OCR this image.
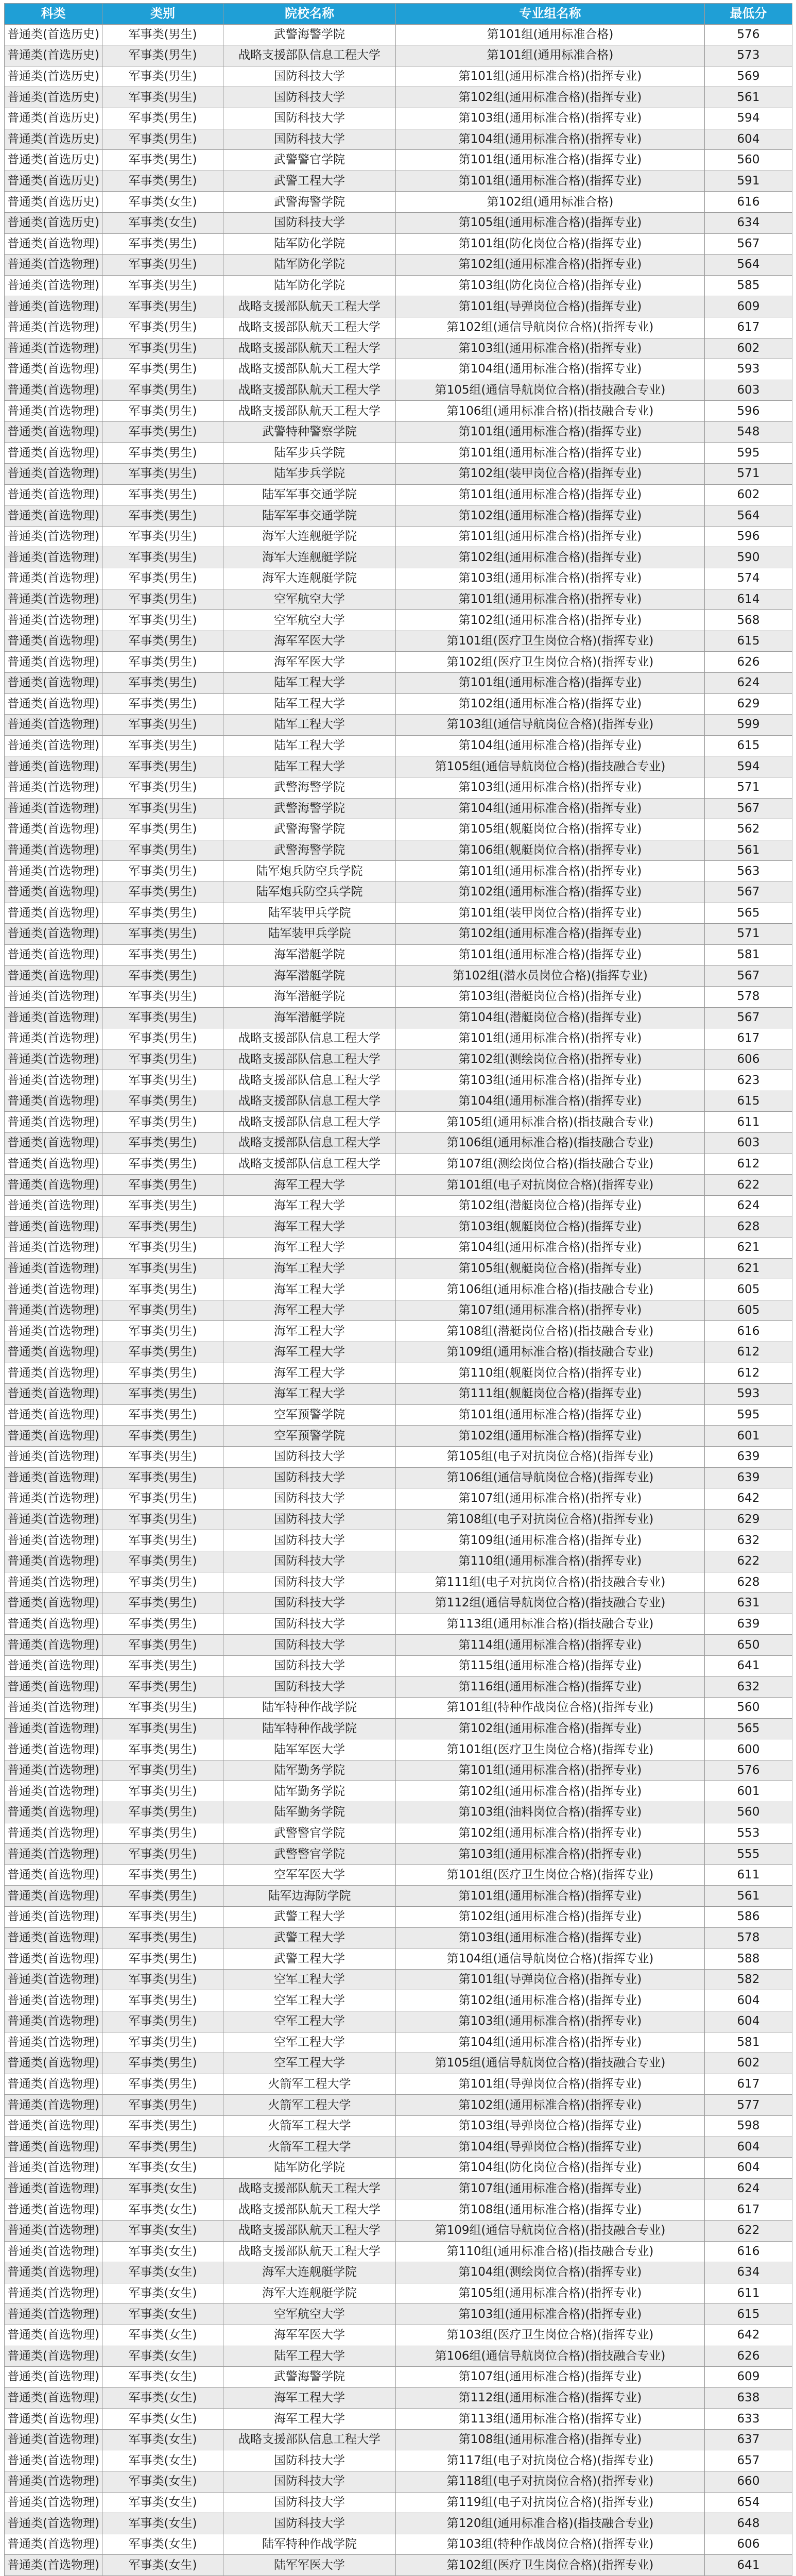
科类	类别	院校名称	专业组名称	最低分
普通类(首选历史)	军事类(男生)	武警海警学院	第101组(通用标准合格)	576
普通类(首选历史)	军事类(男生)	战略支援部队信息工程大学	第101组(通用标准合格)	573
普通类(首选历史)	军事类(男生)	国防科技大学	第101组(通用标准合格)(指挥专业)	569
普通类(首选历史)	军事类(男生)	国防科技大学	第102组(通用标准合格)(指挥专业)	561
普通类(首选历史)	军事类(男生)	国防科技大学	第103组(通用标准合格)(指挥专业)	594
普通类(首选历史)	军事类(男生)	国防科技大学	第104组(通用标准合格)(指挥专业)	604
普通类(首选历史)	军事类(男生)	武警警官学院	第101组(通用标准合格)(指挥专业)	560
普通类(首选历史)	军事类(男生)	武警工程大学	第101组(通用标准合格)(指挥专业)	591
普通类(首选历史)	军事类(女生)	武警海警学院	第102组(通用标准合格)	616
普通类(首选历史)	军事类(女生)	国防科技大学	第105组(通用标准合格)(指挥专业)	634
普通类(首选物理)	军事类(男生)	陆军防化学院	第101组(防化岗位合格)(指挥专业)	567
普通类(首选物理)	军事类(男生)	陆军防化学院	第102组(通用标准合格)(指挥专业)	564
普通类(首选物理)	军事类(男生)	陆军防化学院	第103组(防化岗位合格)(指挥专业)	585
普通类(首选物理)	军事类(男生)	战略支援部队航天工程大学	第101组(导弹岗位合格)(指挥专业)	609
普通类(首选物理)	军事类(男生)	战略支援部队航天工程大学	第102组(通信导航岗位合格)(指挥专业)	617
普通类(首选物理)	军事类(男生)	战略支援部队航天工程大学	第103组(通用标准合格)(指挥专业)	602
普通类(首选物理)	军事类(男生)	战略支援部队航天工程大学	第104组(通用标准合格)(指挥专业)	593
普通类(首选物理)	军事类(男生)	战略支援部队航天工程大学	第105组(通信导航岗位合格)(指技融合专业)	603
普通类(首选物理)	军事类(男生)	战略支援部队航天工程大学	第106组(通用标准合格)(指技融合专业)	596
普通类(首选物理)	军事类(男生)	武警特种警察学院	第101组(通用标准合格)(指挥专业)	548
普通类(首选物理)	军事类(男生)	陆军步兵学院	第101组(通用标准合格)(指挥专业)	595
普通类(首选物理)	军事类(男生)	陆军步兵学院	第102组(装甲岗位合格)(指挥专业)	571
普通类(首选物理)	军事类(男生)	陆军军事交通学院	第101组(通用标准合格)(指挥专业)	602
普通类(首选物理)	军事类(男生)	陆军军事交通学院	第102组(通用标准合格)(指挥专业)	564
普通类(首选物理)	军事类(男生)	海军大连舰艇学院	第101组(通用标准合格)(指挥专业)	596
普通类(首选物理)	军事类(男生)	海军大连舰艇学院	第102组(通用标准合格)(指挥专业)	590
普通类(首选物理)	军事类(男生)	海军大连舰艇学院	第103组(通用标准合格)(指挥专业)	574
普通类(首选物理)	军事类(男生)	空军航空大学	第101组(通用标准合格)(指挥专业)	614
普通类(首选物理)	军事类(男生)	空军航空大学	第102组(通用标准合格)(指挥专业)	568
普通类(首选物理)	军事类(男生)	海军军医大学	第101组(医疗卫生岗位合格)(指挥专业)	615
普通类(首选物理)	军事类(男生)	海军军医大学	第102组(医疗卫生岗位合格)(指挥专业)	626
普通类(首选物理)	军事类(男生)	陆军工程大学	第101组(通用标准合格)(指挥专业)	624
普通类(首选物理)	军事类(男生)	陆军工程大学	第102组(通用标准合格)(指挥专业)	629
普通类(首选物理)	军事类(男生)	陆军工程大学	第103组(通信导航岗位合格)(指挥专业)	599
普通类(首选物理)	军事类(男生)	陆军工程大学	第104组(通用标准合格)(指挥专业)	615
普通类(首选物理)	军事类(男生)	陆军工程大学	第105组(通信导航岗位合格)(指技融合专业)	594
普通类(首选物理)	军事类(男生)	武警海警学院	第103组(通用标准合格)(指挥专业)	571
普通类(首选物理)	军事类(男生)	武警海警学院	第104组(通用标准合格)(指挥专业)	567
普通类(首选物理)	军事类(男生)	武警海警学院	第105组(舰艇岗位合格)(指挥专业)	562
普通类(首选物理)	军事类(男生)	武警海警学院	第106组(舰艇岗位合格)(指挥专业)	561
普通类(首选物理)	军事类(男生)	陆军炮兵防空兵学院	第101组(通用标准合格)(指挥专业)	563
普通类(首选物理)	军事类(男生)	陆军炮兵防空兵学院	第102组(通用标准合格)(指挥专业)	567
普通类(首选物理)	军事类(男生)	陆军装甲兵学院	第101组(装甲岗位合格)(指挥专业)	565
普通类(首选物理)	军事类(男生)	陆军装甲兵学院	第102组(通用标准合格)(指挥专业)	571
普通类(首选物理)	军事类(男生)	海军潜艇学院	第101组(通用标准合格)(指挥专业)	581
普通类(首选物理)	军事类(男生)	海军潜艇学院	第102组(潜水员岗位合格)(指挥专业)	567
普通类(首选物理)	军事类(男生)	海军潜艇学院	第103组(潜艇岗位合格)(指挥专业)	578
普通类(首选物理)	军事类(男生)	海军潜艇学院	第104组(潜艇岗位合格)(指挥专业)	567
普通类(首选物理)	军事类(男生)	战略支援部队信息工程大学	第101组(通用标准合格)(指挥专业)	617
普通类(首选物理)	军事类(男生)	战略支援部队信息工程大学	第102组(测绘岗位合格)(指挥专业)	606
普通类(首选物理)	军事类(男生)	战略支援部队信息工程大学	第103组(通用标准合格)(指挥专业)	623
普通类(首选物理)	军事类(男生)	战略支援部队信息工程大学	第104组(通用标准合格)(指挥专业)	615
普通类(首选物理)	军事类(男生)	战略支援部队信息工程大学	第105组(通用标准合格)(指技融合专业)	611
普通类(首选物理)	军事类(男生)	战略支援部队信息工程大学	第106组(通用标准合格)(指技融合专业)	603
普通类(首选物理)	军事类(男生)	战略支援部队信息工程大学	第107组(测绘岗位合格)(指技融合专业)	612
普通类(首选物理)	军事类(男生)	海军工程大学	第101组(电子对抗岗位合格)(指挥专业)	622
普通类(首选物理)	军事类(男生)	海军工程大学	第102组(潜艇岗位合格)(指挥专业)	624
普通类(首选物理)	军事类(男生)	海军工程大学	第103组(舰艇岗位合格)(指挥专业)	628
普通类(首选物理)	军事类(男生)	海军工程大学	第104组(通用标准合格)(指挥专业)	621
普通类(首选物理)	军事类(男生)	海军工程大学	第105组(舰艇岗位合格)(指挥专业)	621
普通类(首选物理)	军事类(男生)	海军工程大学	第106组(通用标准合格)(指技融合专业)	605
普通类(首选物理)	军事类(男生)	海军工程大学	第107组(通用标准合格)(指挥专业)	605
普通类(首选物理)	军事类(男生)	海军工程大学	第108组(潜艇岗位合格)(指技融合专业)	616
普通类(首选物理)	军事类(男生)	海军工程大学	第109组(通用标准合格)(指技融合专业)	612
普通类(首选物理)	军事类(男生)	海军工程大学	第110组(舰艇岗位合格)(指挥专业)	612
普通类(首选物理)	军事类(男生)	海军工程大学	第111组(舰艇岗位合格)(指挥专业)	593
普通类(首选物理)	军事类(男生)	空军预警学院	第101组(通用标准合格)(指挥专业)	595
普通类(首选物理)	军事类(男生)	空军预警学院	第102组(通用标准合格)(指挥专业)	601
普通类(首选物理)	军事类(男生)	国防科技大学	第105组(电子对抗岗位合格)(指挥专业)	639
普通类(首选物理)	军事类(男生)	国防科技大学	第106组(通信导航岗位合格)(指挥专业)	639
普通类(首选物理)	军事类(男生)	国防科技大学	第107组(通用标准合格)(指挥专业)	642
普通类(首选物理)	军事类(男生)	国防科技大学	第108组(电子对抗岗位合格)(指挥专业)	629
普通类(首选物理)	军事类(男生)	国防科技大学	第109组(通用标准合格)(指挥专业)	632
普通类(首选物理)	军事类(男生)	国防科技大学	第110组(通用标准合格)(指挥专业)	622
普通类(首选物理)	军事类(男生)	国防科技大学	第111组(电子对抗岗位合格)(指技融合专业)	628
普通类(首选物理)	军事类(男生)	国防科技大学	第112组(通信导航岗位合格)(指技融合专业)	631
普通类(首选物理)	军事类(男生)	国防科技大学	第113组(通用标准合格)(指技融合专业)	639
普通类(首选物理)	军事类(男生)	国防科技大学	第114组(通用标准合格)(指挥专业)	650
普通类(首选物理)	军事类(男生)	国防科技大学	第115组(通用标准合格)(指挥专业)	641
普通类(首选物理)	军事类(男生)	国防科技大学	第116组(通用标准合格)(指挥专业)	632
普通类(首选物理)	军事类(男生)	陆军特种作战学院	第101组(特种作战岗位合格)(指挥专业)	560
普通类(首选物理)	军事类(男生)	陆军特种作战学院	第102组(通用标准合格)(指挥专业)	565
普通类(首选物理)	军事类(男生)	陆军军医大学	第101组(医疗卫生岗位合格)(指挥专业)	600
普通类(首选物理)	军事类(男生)	陆军勤务学院	第101组(通用标准合格)(指挥专业)	576
普通类(首选物理)	军事类(男生)	陆军勤务学院	第102组(通用标准合格)(指挥专业)	601
普通类(首选物理)	军事类(男生)	陆军勤务学院	第103组(油料岗位合格)(指挥专业)	560
普通类(首选物理)	军事类(男生)	武警警官学院	第102组(通用标准合格)(指挥专业)	553
普通类(首选物理)	军事类(男生)	武警警官学院	第103组(通用标准合格)(指挥专业)	555
普通类(首选物理)	军事类(男生)	空军军医大学	第101组(医疗卫生岗位合格)(指挥专业)	611
普通类(首选物理)	军事类(男生)	陆军边海防学院	第101组(通用标准合格)(指挥专业)	561
普通类(首选物理)	军事类(男生)	武警工程大学	第102组(通用标准合格)(指挥专业)	586
普通类(首选物理)	军事类(男生)	武警工程大学	第103组(通用标准合格)(指挥专业)	578
普通类(首选物理)	军事类(男生)	武警工程大学	第104组(通信导航岗位合格)(指挥专业)	588
普通类(首选物理)	军事类(男生)	空军工程大学	第101组(导弹岗位合格)(指挥专业)	582
普通类(首选物理)	军事类(男生)	空军工程大学	第102组(通用标准合格)(指挥专业)	604
普通类(首选物理)	军事类(男生)	空军工程大学	第103组(通用标准合格)(指挥专业)	604
普通类(首选物理)	军事类(男生)	空军工程大学	第104组(通用标准合格)(指挥专业)	581
普通类(首选物理)	军事类(男生)	空军工程大学	第105组(通信导航岗位合格)(指技融合专业)	602
普通类(首选物理)	军事类(男生)	火箭军工程大学	第101组(导弹岗位合格)(指挥专业)	617
普通类(首选物理)	军事类(男生)	火箭军工程大学	第102组(通用标准合格)(指挥专业)	577
普通类(首选物理)	军事类(男生)	火箭军工程大学	第103组(导弹岗位合格)(指挥专业)	598
普通类(首选物理)	军事类(男生)	火箭军工程大学	第104组(导弹岗位合格)(指挥专业)	604
普通类(首选物理)	军事类(女生)	陆军防化学院	第104组(防化岗位合格)(指挥专业)	604
普通类(首选物理)	军事类(女生)	战略支援部队航天工程大学	第107组(通用标准合格)(指挥专业)	624
普通类(首选物理)	军事类(女生)	战略支援部队航天工程大学	第108组(通用标准合格)(指挥专业)	617
普通类(首选物理)	军事类(女生)	战略支援部队航天工程大学	第109组(通信导航岗位合格)(指技融合专业)	622
普通类(首选物理)	军事类(女生)	战略支援部队航天工程大学	第110组(通用标准合格)(指技融合专业)	616
普通类(首选物理)	军事类(女生)	海军大连舰艇学院	第104组(测绘岗位合格)(指挥专业)	634
普通类(首选物理)	军事类(女生)	海军大连舰艇学院	第105组(通用标准合格)(指挥专业)	611
普通类(首选物理)	军事类(女生)	空军航空大学	第103组(通用标准合格)(指挥专业)	615
普通类(首选物理)	军事类(女生)	海军军医大学	第103组(医疗卫生岗位合格)(指挥专业)	642
普通类(首选物理)	军事类(女生)	陆军工程大学	第106组(通信导航岗位合格)(指技融合专业)	626
普通类(首选物理)	军事类(女生)	武警海警学院	第107组(通用标准合格)(指挥专业)	609
普通类(首选物理)	军事类(女生)	海军工程大学	第112组(通用标准合格)(指挥专业)	638
普通类(首选物理)	军事类(女生)	海军工程大学	第113组(通用标准合格)(指挥专业)	633
普通类(首选物理)	军事类(女生)	战略支援部队信息工程大学	第108组(通用标准合格)(指挥专业)	637
普通类(首选物理)	军事类(女生)	国防科技大学	第117组(电子对抗岗位合格)(指挥专业)	657
普通类(首选物理)	军事类(女生)	国防科技大学	第118组(电子对抗岗位合格)(指挥专业)	660
普通类(首选物理)	军事类(女生)	国防科技大学	第119组(电子对抗岗位合格)(指挥专业)	654
普通类(首选物理)	军事类(女生)	国防科技大学	第120组(通用标准合格)(指技融合专业)	648
普通类(首选物理)	军事类(女生)	陆军特种作战学院	第103组(特种作战岗位合格)(指挥专业)	606
普通类(首选物理)	军事类(女生)	陆军军医大学	第102组(医疗卫生岗位合格)(指挥专业)	641
